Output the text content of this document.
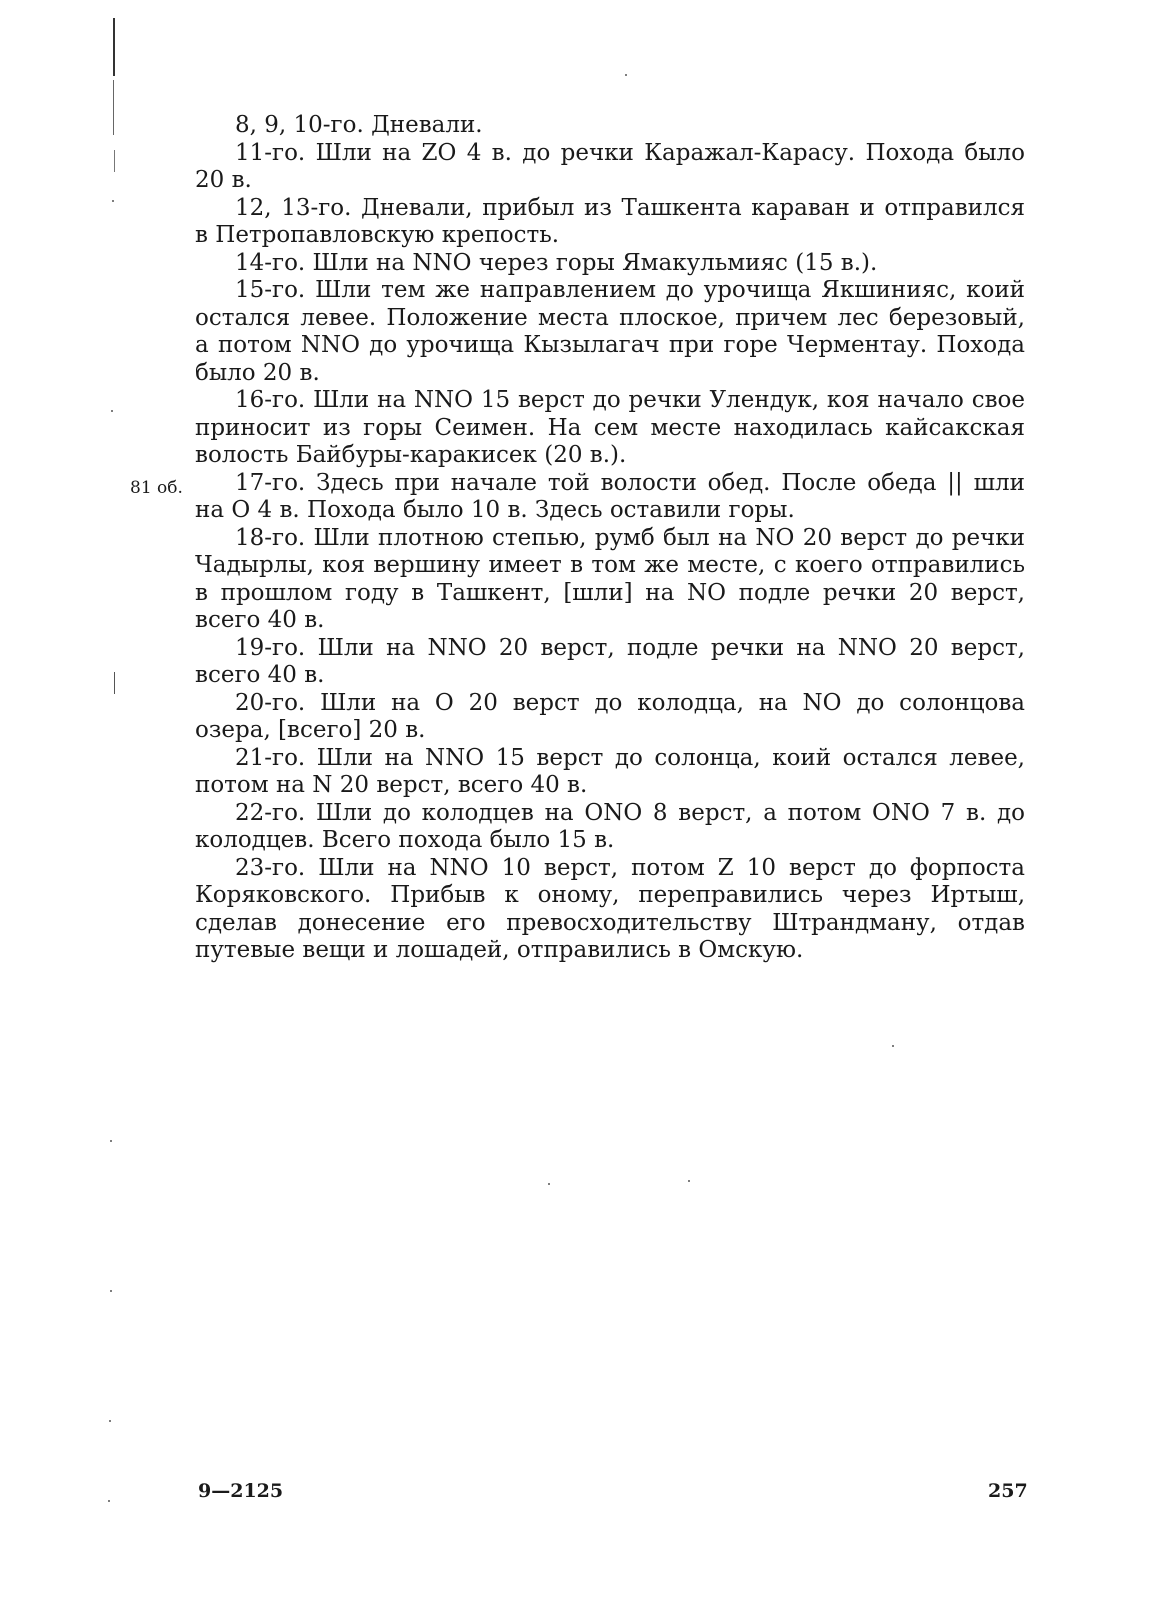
81 об.

8, 9, 10-го. Дневали.

11-го. Шли на ZO 4 в. до речки Каражал-Карасу. Похода было 20 в.

12, 13-го. Дневали, прибыл из Ташкента караван и отправился в Петропавловскую крепость.

14-го. Шли на NNO через горы Ямакульмияс (15 в.).

15-го. Шли тем же направлением до урочища Якшинияс, коий остался левее. Положение места плоское, причем лес березовый, а потом NNO до урочища Кызылагач при горе Черментау. Похода было 20 в.

16-го. Шли на NNO 15 верст до речки Улендук, коя начало свое приносит из горы Сеимен. На сем месте находилась кайсакская волость Байбуры-каракисек (20 в.).

17-го. Здесь при начале той волости обед. После обеда || шли на О 4 в. Похода было 10 в. Здесь оставили горы.

18-го. Шли плотною степью, румб был на NO 20 верст до речки Чадырлы, коя вершину имеет в том же месте, с коего отправились в прошлом году в Ташкент, [шли] на NO подле речки 20 верст, всего 40 в.

19-го. Шли на NNO 20 верст, подле речки на NNO 20 верст, всего 40 в.

20-го. Шли на О 20 верст до колодца, на NO до солонцова озера, [всего] 20 в.

21-го. Шли на NNO 15 верст до солонца, коий остался левее, потом на N 20 верст, всего 40 в.

22-го. Шли до колодцев на ONO 8 верст, а потом ONO 7 в. до колодцев. Всего похода было 15 в.

23-го. Шли на NNO 10 верст, потом Z 10 верст до форпоста Коряковского. Прибыв к оному, переправились через Иртыш, сделав донесение его превосходительству Штрандману, отдав путевые вещи и лошадей, отправились в Омскую.

9—2125	257
